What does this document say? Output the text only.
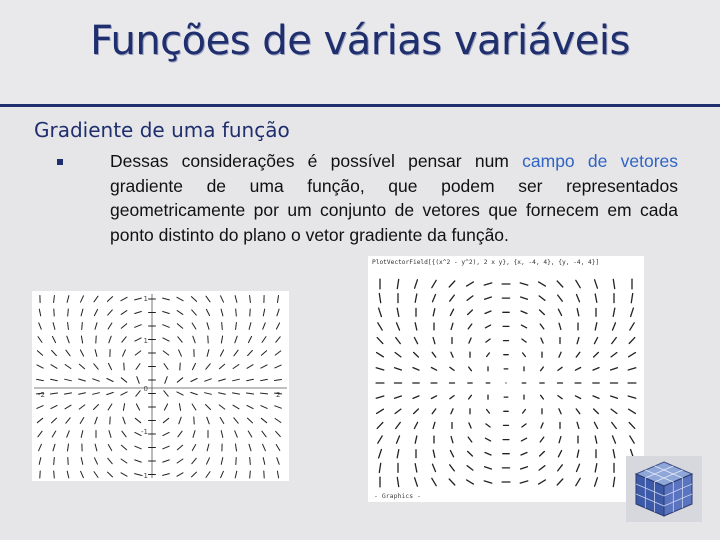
Funções de várias variáveis
Gradiente de uma função
Dessas considerações é possível pensar num campo de vetores gradiente de uma função, que podem ser representados geometricamente por um conjunto de vetores que fornecem em cada ponto distinto do plano o vetor gradiente da função.
1
1
0
-1
-1
-2	2
PlotVectorField[{(x^2 - y^2), 2 x y}, {x, -4, 4}, {y, -4, 4}]
- Graphics -
